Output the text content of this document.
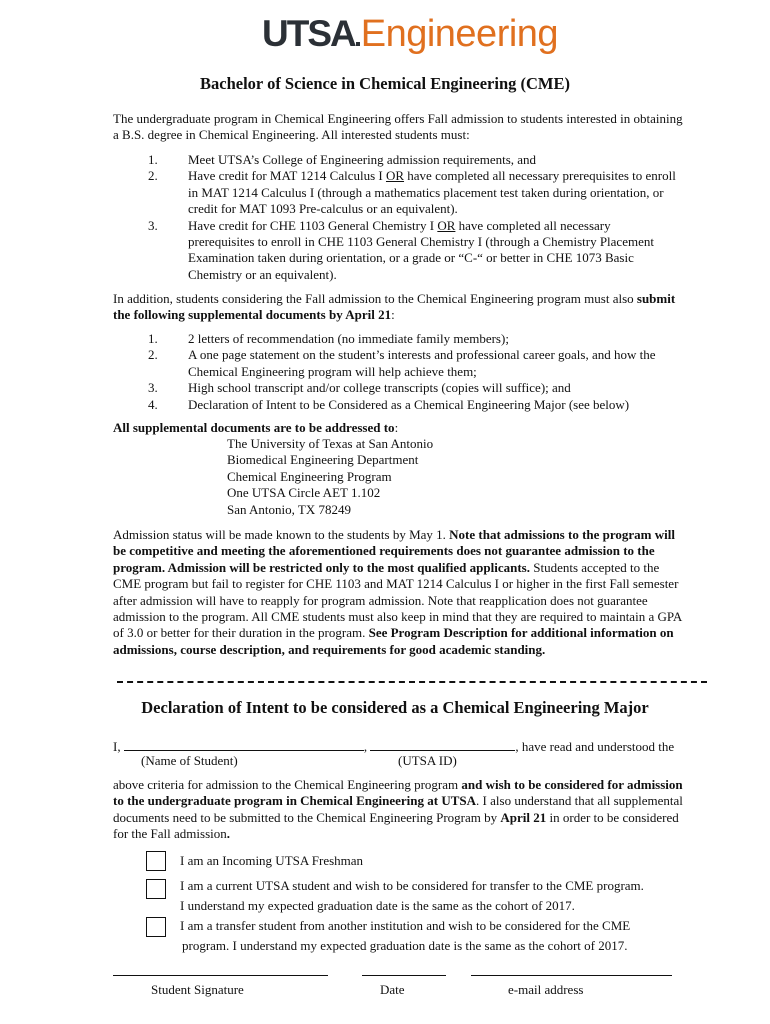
UTSA Engineering
Bachelor of Science in Chemical Engineering (CME)
The undergraduate program in Chemical Engineering offers Fall admission to students interested in obtaining a B.S. degree in Chemical Engineering. All interested students must:
1.	Meet UTSA’s College of Engineering admission requirements, and
2.	Have credit for MAT 1214 Calculus I OR have completed all necessary prerequisites to enroll in MAT 1214 Calculus I (through a mathematics placement test taken during orientation, or credit for MAT 1093 Pre-calculus or an equivalent).
3.	Have credit for CHE 1103 General Chemistry I OR have completed all necessary prerequisites to enroll in CHE 1103 General Chemistry I (through a Chemistry Placement Examination taken during orientation, or a grade or “C-“ or better in CHE 1073 Basic Chemistry or an equivalent).
In addition, students considering the Fall admission to the Chemical Engineering program must also submit the following supplemental documents by April 21:
1.	2 letters of recommendation (no immediate family members);
2.	A one page statement on the student’s interests and professional career goals, and how the Chemical Engineering program will help achieve them;
3.	High school transcript and/or college transcripts (copies will suffice); and
4.	Declaration of Intent to be Considered as a Chemical Engineering Major (see below)
All supplemental documents are to be addressed to:
The University of Texas at San Antonio
Biomedical Engineering Department
Chemical Engineering Program
One UTSA Circle AET 1.102
San Antonio, TX 78249
Admission status will be made known to the students by May 1. Note that admissions to the program will be competitive and meeting the aforementioned requirements does not guarantee admission to the program. Admission will be restricted only to the most qualified applicants. Students accepted to the CME program but fail to register for CHE 1103 and MAT 1214 Calculus I or higher in the first Fall semester after admission will have to reapply for program admission. Note that reapplication does not guarantee admission to the program. All CME students must also keep in mind that they are required to maintain a GPA of 3.0 or better for their duration in the program. See Program Description for additional information on admissions, course description, and requirements for good academic standing.
Declaration of Intent to be considered as a Chemical Engineering Major
I,	,	, have read and understood the
(Name of Student)	(UTSA ID)
above criteria for admission to the Chemical Engineering program and wish to be considered for admission to the undergraduate program in Chemical Engineering at UTSA. I also understand that all supplemental documents need to be submitted to the Chemical Engineering Program by April 21 in order to be considered for the Fall admission.
I am an Incoming UTSA Freshman
I am a current UTSA student and wish to be considered for transfer to the CME program.
I understand my expected graduation date is the same as the cohort of 2017.
I am a transfer student from another institution and wish to be considered for the CME
program. I understand my expected graduation date is the same as the cohort of 2017.
Student Signature	Date	e-mail address
